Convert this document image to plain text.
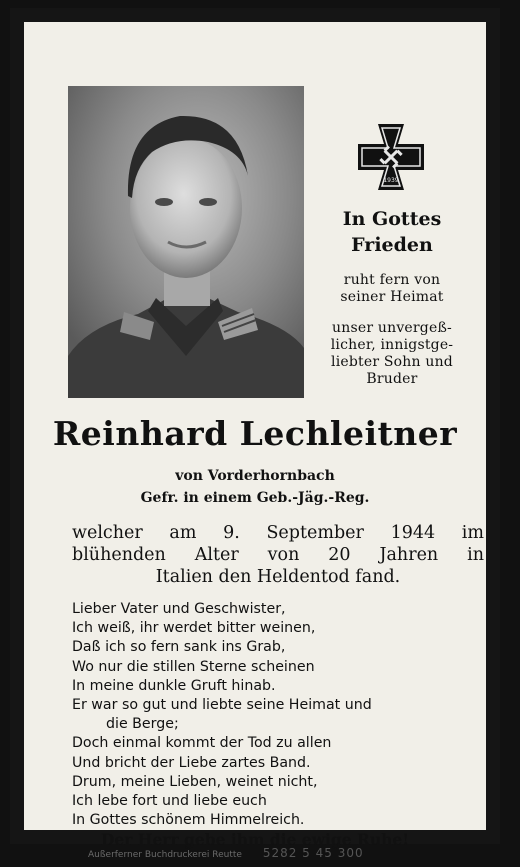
1939
In Gottes
Frieden
ruht fern von
seiner Heimat
unser unvergeß-
licher, innigstge-
liebter Sohn und
Bruder
Reinhard Lechleitner
von Vorderhornbach
Gefr. in einem Geb.-Jäg.-Reg.
welcher am 9. September 1944 im
blühenden Alter von 20 Jahren in
Italien den Heldentod fand.
Lieber Vater und Geschwister,
Ich weiß, ihr werdet bitter weinen,
Daß ich so fern sank ins Grab,
Wo nur die stillen Sterne scheinen
In meine dunkle Gruft hinab.
Er war so gut und liebte seine Heimat und
die Berge;
Doch einmal kommt der Tod zu allen
Und bricht der Liebe zartes Band.
Drum, meine Lieben, weinet nicht,
Ich lebe fort und liebe euch
In Gottes schönem Himmelreich.
Der Herr gebe ihm die ewige Ruhe!
Außerferner Buchdruckerei Reutte 5282 5 45 300
